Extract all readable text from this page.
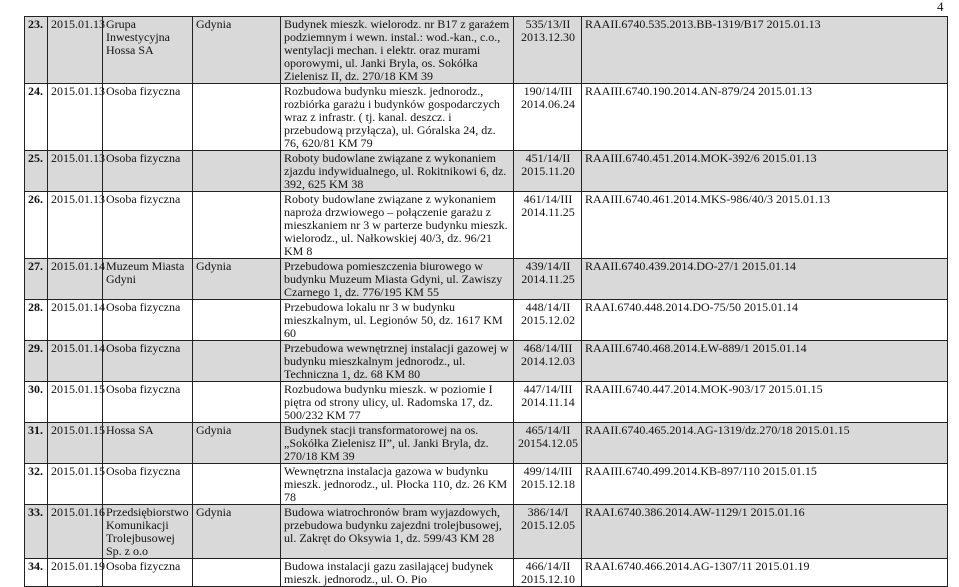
4
23.	2015.01.13	Grupa Inwestycyjna Hossa SA	Gdynia	Budynek mieszk. wielorodz. nr B17 z garażem podziemnym i wewn. instal.: wod.-kan., c.o., wentylacji mechan. i elektr. oraz murami oporowymi, ul. Janki Bryla, os. Sokółka Zielenisz II, dz. 270/18 KM 39	535/13/II 2013.12.30	RAAII.6740.535.2013.BB-1319/B17 2015.01.13
24.	2015.01.13	Osoba fizyczna		Rozbudowa budynku mieszk. jednorodz., rozbiórka garażu i budynków gospodarczych wraz z infrastr. ( tj. kanal. deszcz. i przebudową przyłącza), ul. Góralska 24, dz. 76, 620/81 KM 79	190/14/III 2014.06.24	RAAIII.6740.190.2014.AN-879/24 2015.01.13
25.	2015.01.13	Osoba fizyczna		Roboty budowlane związane z wykonaniem zjazdu indywidualnego, ul. Rokitnikowi 6, dz. 392, 625 KM 38	451/14/II 2015.11.20	RAAIII.6740.451.2014.MOK-392/6 2015.01.13
26.	2015.01.13	Osoba fizyczna		Roboty budowlane związane z wykonaniem naproża drzwiowego – połączenie garażu z mieszkaniem nr 3 w parterze budynku mieszk. wielorodz., ul. Nałkowskiej 40/3, dz. 96/21 KM 8	461/14/III 2014.11.25	RAAIII.6740.461.2014.MKS-986/40/3 2015.01.13
27.	2015.01.14	Muzeum Miasta Gdyni	Gdynia	Przebudowa pomieszczenia biurowego w budynku Muzeum Miasta Gdyni, ul. Zawiszy Czarnego 1, dz. 776/195 KM 55	439/14/II 2014.11.25	RAAII.6740.439.2014.DO-27/1 2015.01.14
28.	2015.01.14	Osoba fizyczna		Przebudowa lokalu nr 3 w budynku mieszkalnym, ul. Legionów 50, dz. 1617 KM 60	448/14/II 2015.12.02	RAAI.6740.448.2014.DO-75/50 2015.01.14
29.	2015.01.14	Osoba fizyczna		Przebudowa wewnętrznej instalacji gazowej w budynku mieszkalnym jednorodz., ul. Techniczna 1, dz. 68 KM 80	468/14/III 2014.12.03	RAAIII.6740.468.2014.ŁW-889/1 2015.01.14
30.	2015.01.15	Osoba fizyczna		Rozbudowa budynku mieszk. w poziomie I piętra od strony ulicy, ul. Radomska 17, dz. 500/232 KM 77	447/14/III 2014.11.14	RAAIII.6740.447.2014.MOK-903/17 2015.01.15
31.	2015.01.15	Hossa SA	Gdynia	Budynek stacji transformatorowej na os. „Sokółka Zielenisz II”, ul. Janki Bryla, dz. 270/18 KM 39	465/14/II 20154.12.05	RAAII.6740.465.2014.AG-1319/dz.270/18 2015.01.15
32.	2015.01.15	Osoba fizyczna		Wewnętrzna instalacja gazowa w budynku mieszk. jednorodz., ul. Płocka 110, dz. 26 KM 78	499/14/III 2015.12.18	RAAIII.6740.499.2014.KB-897/110 2015.01.15
33.	2015.01.16	Przedsiębiorstwo Komunikacji Trolejbusowej Sp. z o.o	Gdynia	Budowa wiatrochronów bram wyjazdowych, przebudowa budynku zajezdni trolejbusowej, ul. Zakręt do Oksywia 1, dz. 599/43 KM 28	386/14/I 2015.12.05	RAAI.6740.386.2014.AW-1129/1 2015.01.16
34.	2015.01.19	Osoba fizyczna		Budowa instalacji gazu zasilającej budynek mieszk. jednorodz., ul. O. Pio	466/14/II 2015.12.10	RAAI.6740.466.2014.AG-1307/11 2015.01.19
